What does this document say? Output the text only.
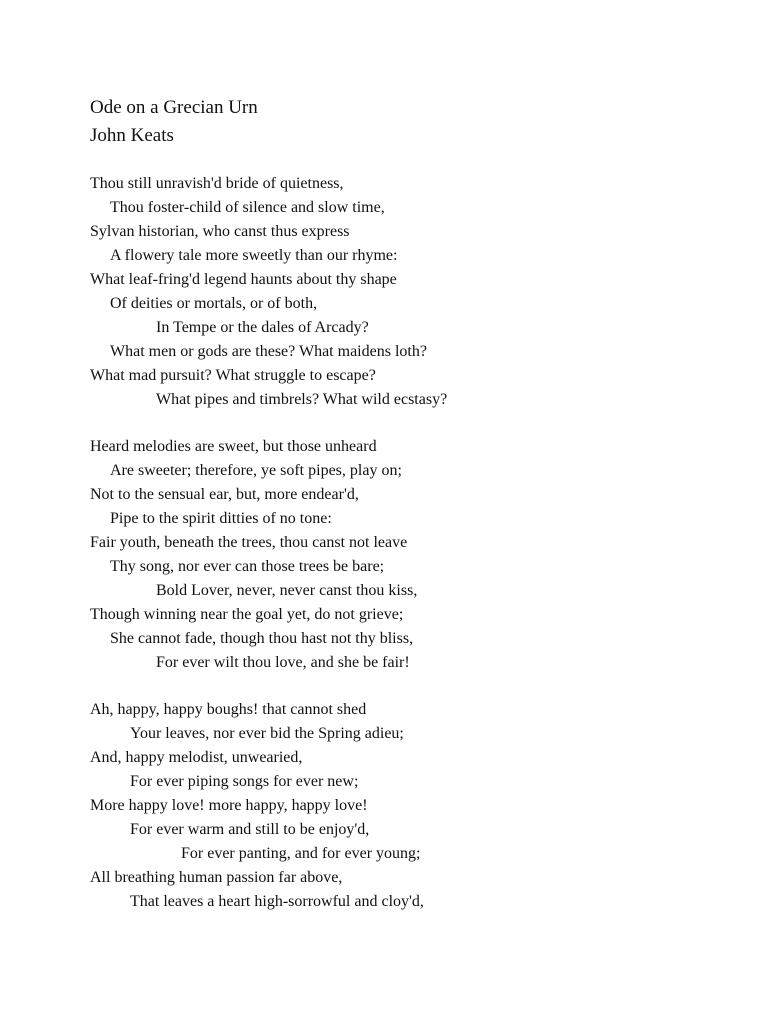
Ode on a Grecian Urn
John Keats
Thou still unravish'd bride of quietness,
Thou foster-child of silence and slow time,
Sylvan historian, who canst thus express
A flowery tale more sweetly than our rhyme:
What leaf-fring'd legend haunts about thy shape
Of deities or mortals, or of both,
In Tempe or the dales of Arcady?
What men or gods are these? What maidens loth?
What mad pursuit? What struggle to escape?
What pipes and timbrels? What wild ecstasy?
Heard melodies are sweet, but those unheard
Are sweeter; therefore, ye soft pipes, play on;
Not to the sensual ear, but, more endear'd,
Pipe to the spirit ditties of no tone:
Fair youth, beneath the trees, thou canst not leave
Thy song, nor ever can those trees be bare;
Bold Lover, never, never canst thou kiss,
Though winning near the goal yet, do not grieve;
She cannot fade, though thou hast not thy bliss,
For ever wilt thou love, and she be fair!
Ah, happy, happy boughs! that cannot shed
Your leaves, nor ever bid the Spring adieu;
And, happy melodist, unwearied,
For ever piping songs for ever new;
More happy love! more happy, happy love!
For ever warm and still to be enjoy'd,
For ever panting, and for ever young;
All breathing human passion far above,
That leaves a heart high-sorrowful and cloy'd,
